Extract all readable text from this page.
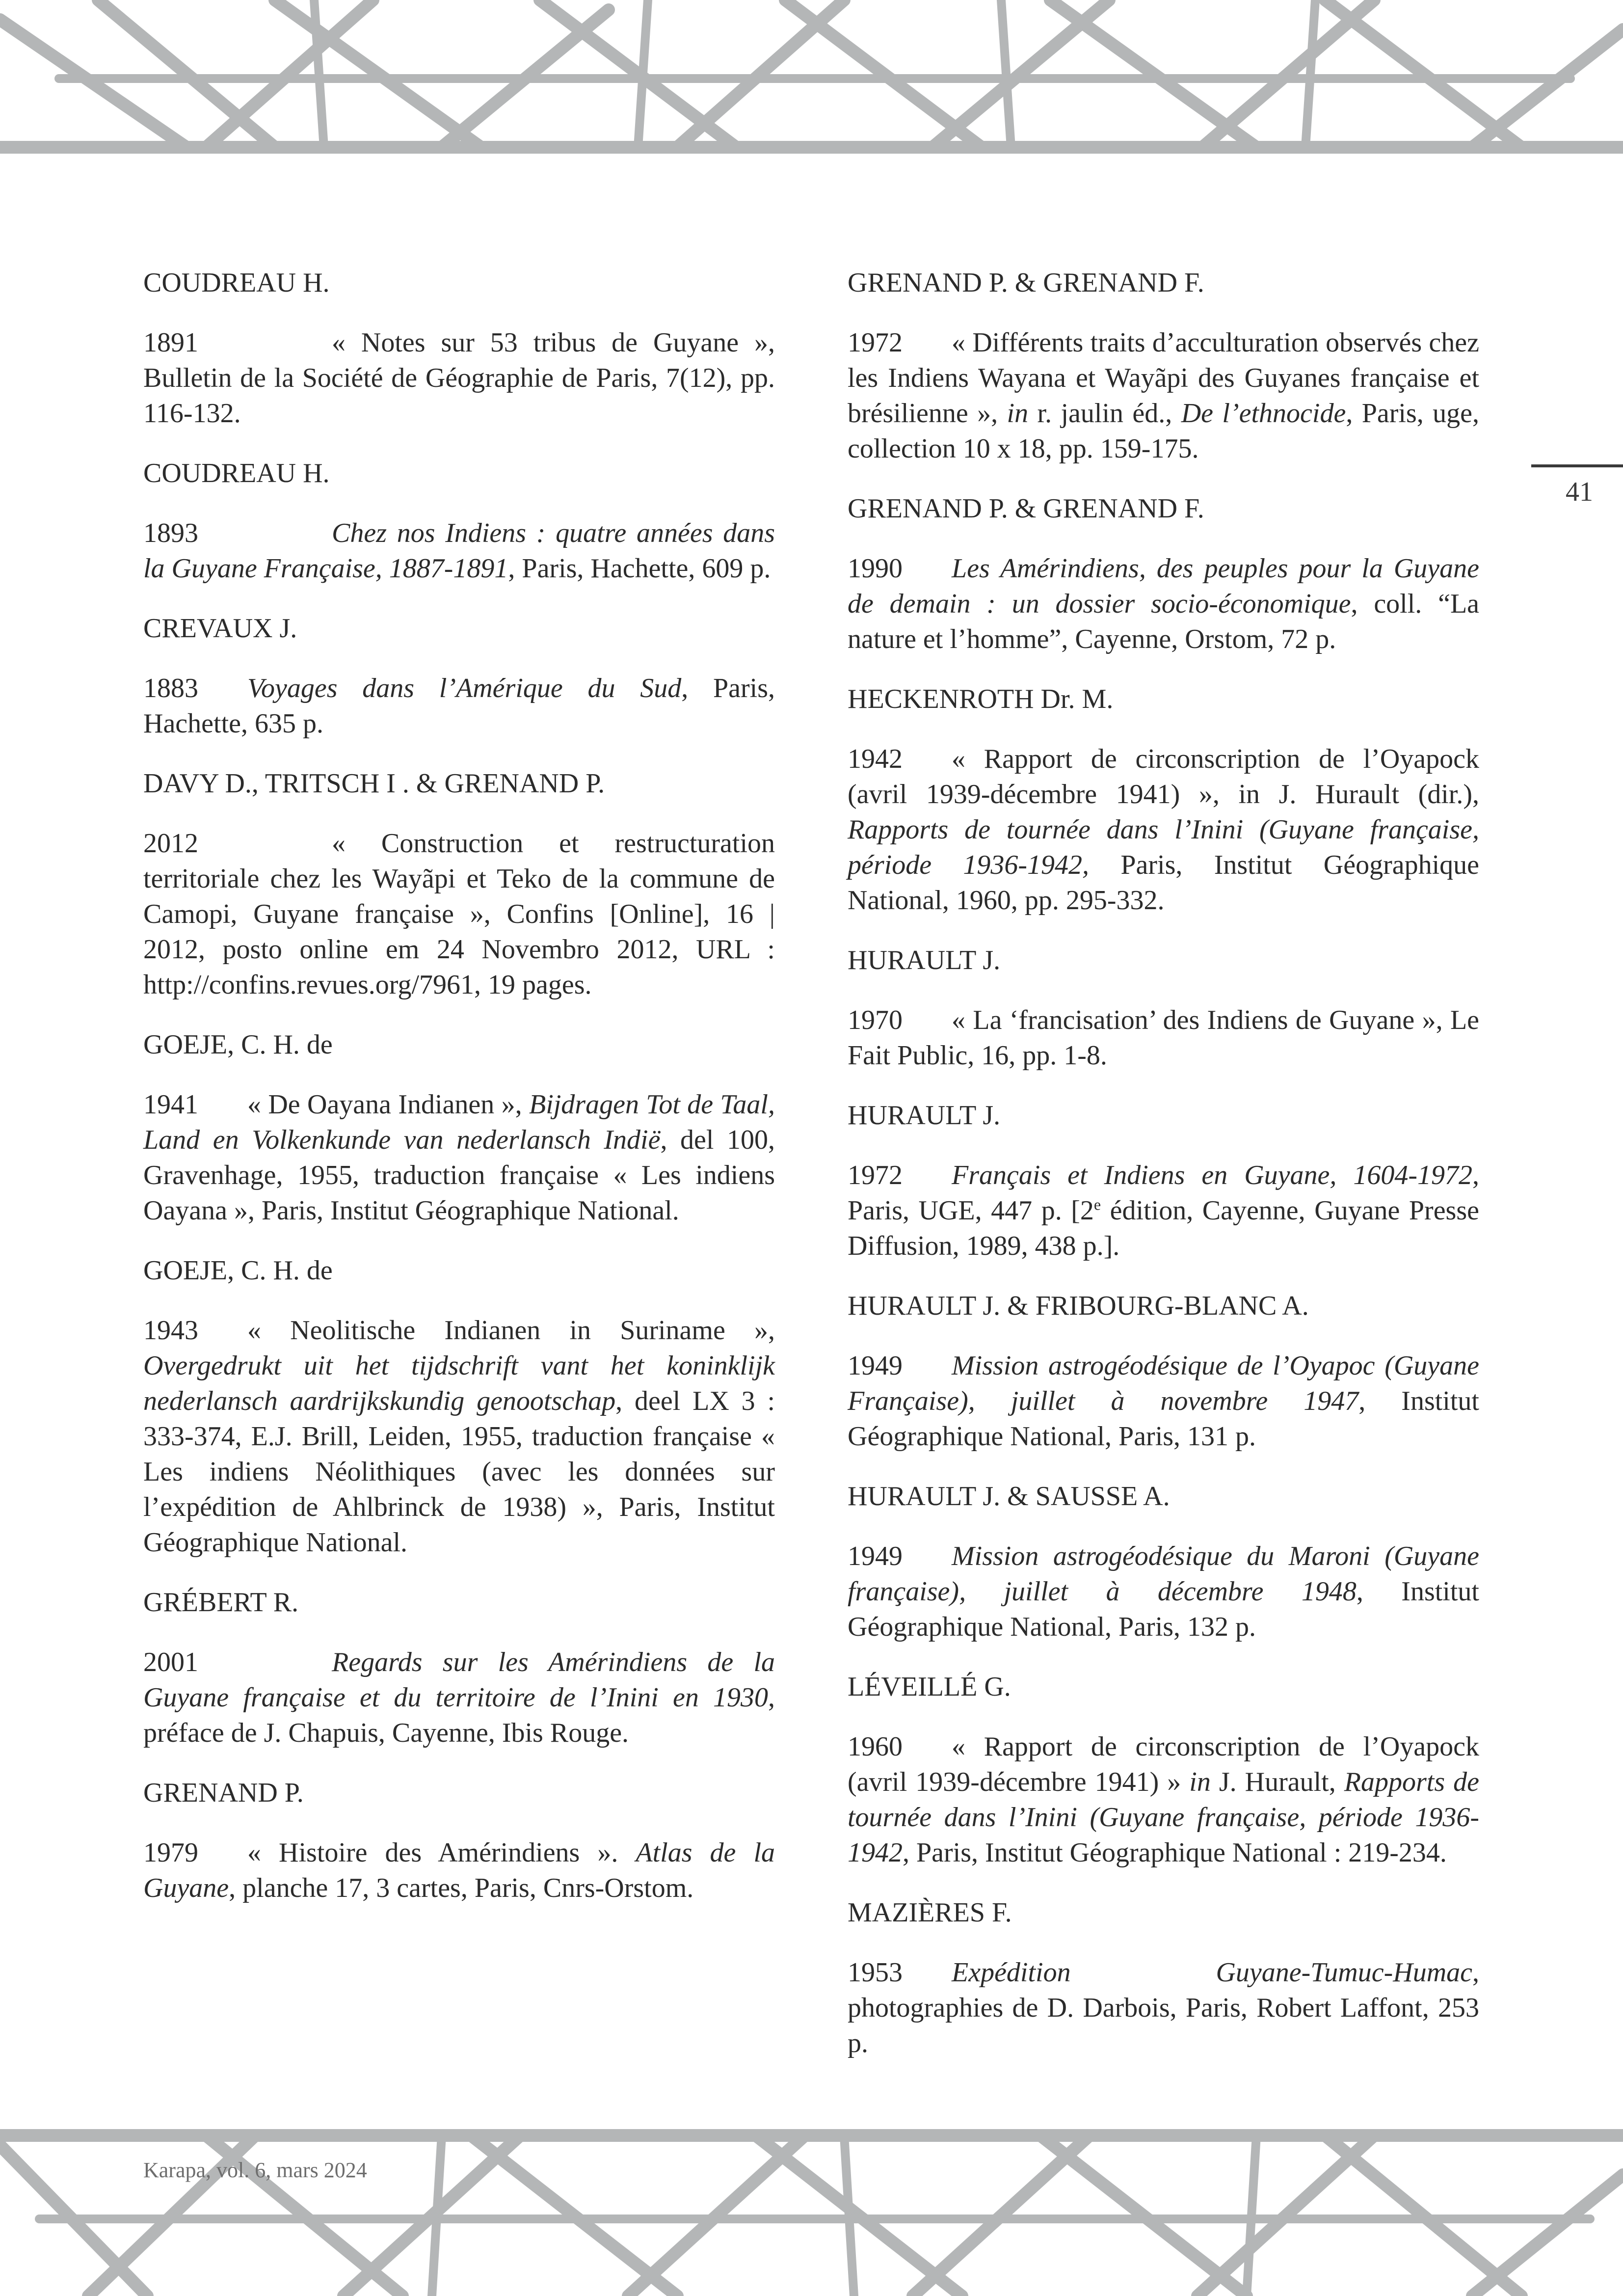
COUDREAU H.

1891	« Notes sur 53 tribus de Guyane », Bulletin de la Société de Géographie de Paris, 7(12), pp. 116-132.

COUDREAU H.

1893	Chez nos Indiens : quatre années dans la Guyane Française, 1887-1891, Paris, Hachette, 609 p.

CREVAUX J.

1883 Voyages dans l’Amérique du Sud, Paris, Hachette, 635 p.

DAVY D., TRITSCH I . & GRENAND P.

2012	« Construction et restructuration territoriale chez les Wayãpi et Teko de la commune de Camopi, Guyane française », Confins [Online], 16 | 2012, posto online em 24 Novembro 2012, URL : http://confins.revues.org/7961, 19 pages.

GOEJE, C. H. de

1941 « De Oayana Indianen », Bijdragen Tot de Taal, Land en Volkenkunde van nederlansch Indië, del 100, Gravenhage, 1955, traduction française « Les indiens Oayana », Paris, Institut Géographique National.

GOEJE, C. H. de

1943 « Neolitische Indianen in Suriname », Overgedrukt uit het tijdschrift vant het koninklijk nederlansch aardrijkskundig genootschap, deel LX 3 : 333-374, E.J. Brill, Leiden, 1955, traduction française « Les indiens Néolithiques (avec les données sur l’expédition de Ahlbrinck de 1938) », Paris, Institut Géographique National.

GRÉBERT R.

2001	Regards sur les Amérindiens de la Guyane française et du territoire de l’Inini en 1930, préface de J. Chapuis, Cayenne, Ibis Rouge.

GRENAND P.

1979 « Histoire des Amérindiens ». Atlas de la Guyane, planche 17, 3 cartes, Paris, Cnrs-Orstom.

GRENAND P. & GRENAND F.

1972 « Différents traits d’acculturation observés chez les Indiens Wayana et Wayãpi des Guyanes française et brésilienne », in r. jaulin éd., De l’ethnocide, Paris, uge, collection 10 x 18, pp. 159-175.

GRENAND P. & GRENAND F.

1990 Les Amérindiens, des peuples pour la Guyane de demain : un dossier socio-économique, coll. “La nature et l’homme”, Cayenne, Orstom, 72 p.

HECKENROTH Dr. M.

1942 « Rapport de circonscription de l’Oyapock (avril 1939-décembre 1941) », in J. Hurault (dir.), Rapports de tournée dans l’Inini (Guyane française, période 1936-1942, Paris, Institut Géographique National, 1960, pp. 295-332.

HURAULT J.

1970 « La ‘francisation’ des Indiens de Guyane », Le Fait Public, 16, pp. 1-8.

HURAULT J.

1972 Français et Indiens en Guyane, 1604-1972, Paris, UGE, 447 p. [2e édition, Cayenne, Guyane Presse Diffusion, 1989, 438 p.].

HURAULT J. & FRIBOURG-BLANC A.

1949 Mission astrogéodésique de l’Oyapoc (Guyane Française), juillet à novembre 1947, Institut Géographique National, Paris, 131 p.

HURAULT J. & SAUSSE A.

1949 Mission astrogéodésique du Maroni (Guyane française), juillet à décembre 1948, Institut Géographique National, Paris, 132 p.

LÉVEILLÉ G.

1960 « Rapport de circonscription de l’Oyapock (avril 1939-décembre 1941) » in J. Hurault, Rapports de tournée dans l’Inini (Guyane française, période 1936-1942, Paris, Institut Géographique National : 219-234.

MAZIÈRES F.

1953 Expédition Guyane-Tumuc-Humac, photographies de D. Darbois, Paris, Robert Laffont, 253 p.

41
Karapa, vol. 6, mars 2024
